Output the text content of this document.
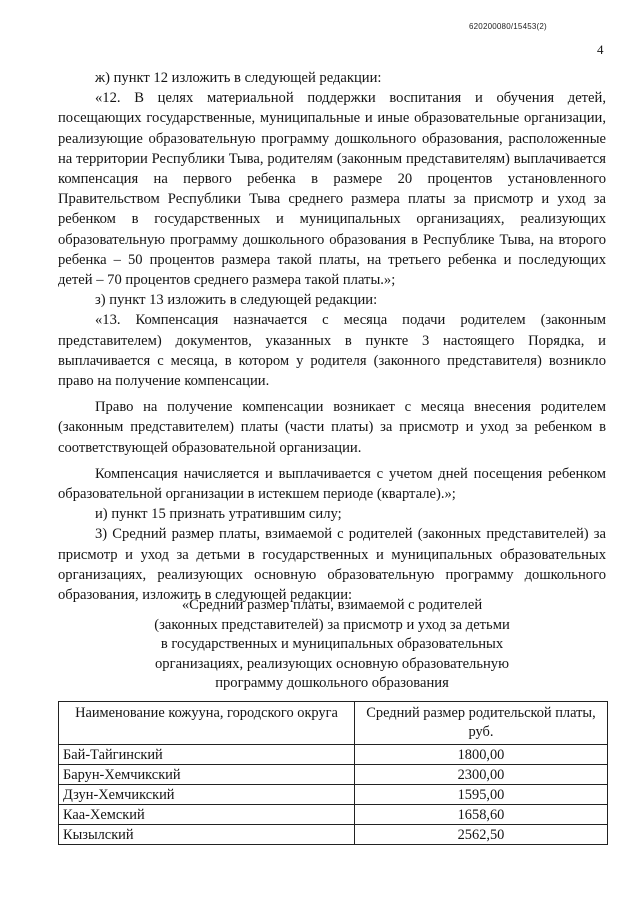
620200080/15453(2)
4

ж) пункт 12 изложить в следующей редакции:

«12. В целях материальной поддержки воспитания и обучения детей, посещающих государственные, муниципальные и иные образовательные организации, реализующие образовательную программу дошкольного образования, расположенные на территории Республики Тыва, родителям (законным представителям) выплачивается компенсация на первого ребенка в размере 20 процентов установленного Правительством Республики Тыва среднего размера платы за присмотр и уход за ребенком в государственных и муниципальных организациях, реализующих образовательную программу дошкольного образования в Республике Тыва, на второго ребенка – 50 процентов размера такой платы, на третьего ребенка и последующих детей – 70 процентов среднего размера такой платы.»;

з) пункт 13 изложить в следующей редакции:

«13. Компенсация назначается с месяца подачи родителем (законным представителем) документов, указанных в пункте 3 настоящего Порядка, и выплачивается с месяца, в котором у родителя (законного представителя) возникло право на получение компенсации.

Право на получение компенсации возникает с месяца внесения родителем (законным представителем) платы (части платы) за присмотр и уход за ребенком в соответствующей образовательной организации.

Компенсация начисляется и выплачивается с учетом дней посещения ребенком образовательной организации в истекшем периоде (квартале).»;

и) пункт 15 признать утратившим силу;

3) Средний размер платы, взимаемой с родителей (законных представителей) за присмотр и уход за детьми в государственных и муниципальных образовательных организациях, реализующих основную образовательную программу дошкольного образования, изложить в следующей редакции:

«Средний размер платы, взимаемой с родителей
(законных представителей) за присмотр и уход за детьми
в государственных и муниципальных образовательных
организациях, реализующих основную образовательную
программу дошкольного образования
Наименование кожууна, городского округа	Средний размер родительской платы, руб.
Бай-Тайгинский	1800,00
Барун-Хемчикский	2300,00
Дзун-Хемчикский	1595,00
Каа-Хемский	1658,60
Кызылский	2562,50
